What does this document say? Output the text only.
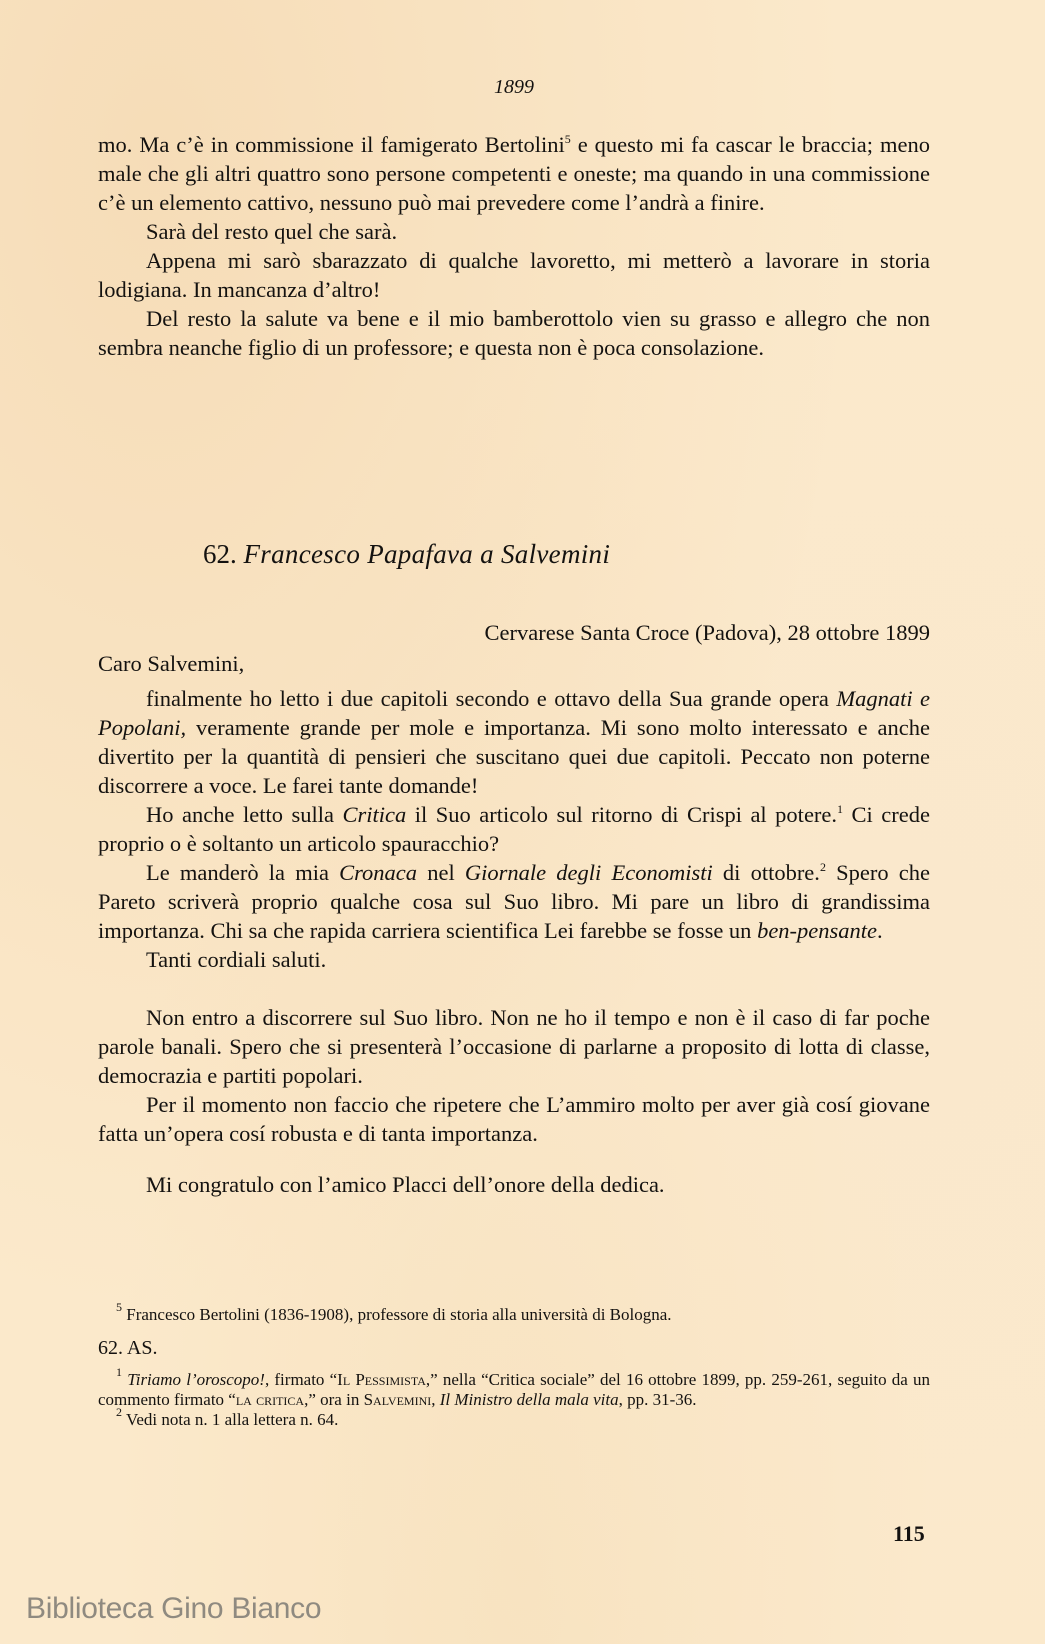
1899

mo. Ma c’è in commissione il famigerato Bertolini$^5$ e questo mi fa cascar le braccia; meno male che gli altri quattro sono persone competenti e oneste; ma quando in una commissione c’è un elemento cattivo, nessuno può mai prevedere come l’andrà a finire.

Sarà del resto quel che sarà.

Appena mi sarò sbarazzato di qualche lavoretto, mi metterò a lavorare in storia lodigiana. In mancanza d’altro!

Del resto la salute va bene e il mio bamberottolo vien su grasso e allegro che non sembra neanche figlio di un professore; e questa non è poca consolazione.

62. Francesco Papafava a Salvemini
Cervarese Santa Croce (Padova), 28 ottobre 1899

Caro Salvemini,

finalmente ho letto i due capitoli secondo e ottavo della Sua grande opera Magnati e Popolani, veramente grande per mole e importanza. Mi sono molto interessato e anche divertito per la quantità di pensieri che suscitano quei due capitoli. Peccato non poterne discorrere a voce. Le farei tante domande!

Ho anche letto sulla Critica il Suo articolo sul ritorno di Crispi al potere.$^1$ Ci crede proprio o è soltanto un articolo spauracchio?

Le manderò la mia Cronaca nel Giornale degli Economisti di ottobre.$^2$ Spero che Pareto scriverà proprio qualche cosa sul Suo libro. Mi pare un libro di grandissima importanza. Chi sa che rapida carriera scientifica Lei farebbe se fosse un ben-pensante.

Tanti cordiali saluti.

Non entro a discorrere sul Suo libro. Non ne ho il tempo e non è il caso di far poche parole banali. Spero che si presenterà l’occasione di parlarne a proposito di lotta di classe, democrazia e partiti popolari.

Per il momento non faccio che ripetere che L’ammiro molto per aver già cosí giovane fatta un’opera cosí robusta e di tanta importanza.

Mi congratulo con l’amico Placci dell’onore della dedica.

$^5$ Francesco Bertolini (1836-1908), professore di storia alla università di Bologna.

62. AS.

$^1$ Tiriamo l’oroscopo!, firmato “Il Pessimista,” nella “Critica sociale” del 16 ottobre 1899, pp. 259-261, seguito da un commento firmato “la critica,” ora in Salvemini, Il Ministro della mala vita, pp. 31-36.

$^2$ Vedi nota n. 1 alla lettera n. 64.

115
Biblioteca Gino Bianco
